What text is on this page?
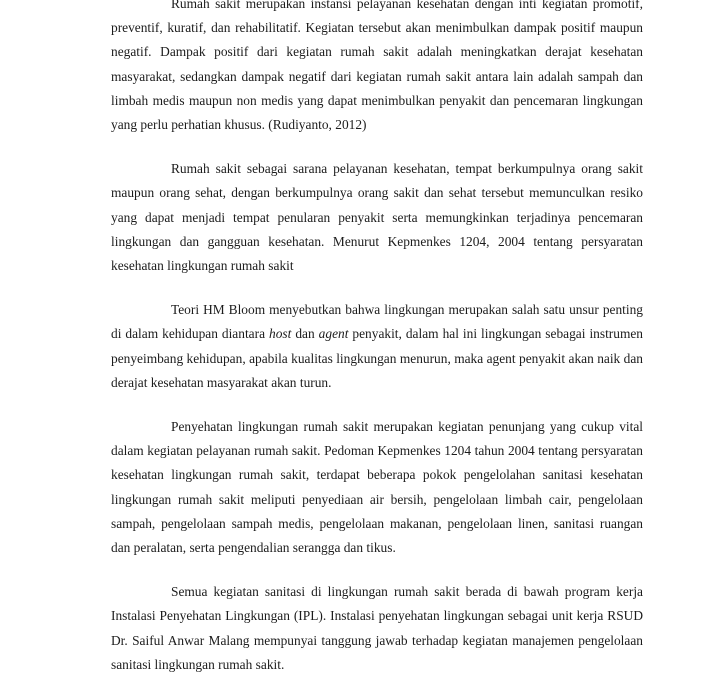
Rumah sakit merupakan instansi pelayanan kesehatan dengan inti kegiatan promotif, preventif, kuratif, dan rehabilitatif. Kegiatan tersebut akan menimbulkan dampak positif maupun negatif. Dampak positif dari kegiatan rumah sakit adalah meningkatkan derajat kesehatan masyarakat, sedangkan dampak negatif dari kegiatan rumah sakit antara lain adalah sampah dan limbah medis maupun non medis yang dapat menimbulkan penyakit dan pencemaran lingkungan yang perlu perhatian khusus. (Rudiyanto, 2012)

Rumah sakit sebagai sarana pelayanan kesehatan, tempat berkumpulnya orang sakit maupun orang sehat, dengan berkumpulnya orang sakit dan sehat tersebut memunculkan resiko yang dapat menjadi tempat penularan penyakit serta memungkinkan terjadinya pencemaran lingkungan dan gangguan kesehatan. Menurut Kepmenkes 1204, 2004 tentang persyaratan kesehatan lingkungan rumah sakit

Teori HM Bloom menyebutkan bahwa lingkungan merupakan salah satu unsur penting di dalam kehidupan diantara host dan agent penyakit, dalam hal ini lingkungan sebagai instrumen penyeimbang kehidupan, apabila kualitas lingkungan menurun, maka agent penyakit akan naik dan derajat kesehatan masyarakat akan turun.

Penyehatan lingkungan rumah sakit merupakan kegiatan penunjang yang cukup vital dalam kegiatan pelayanan rumah sakit. Pedoman Kepmenkes 1204 tahun 2004 tentang persyaratan kesehatan lingkungan rumah sakit, terdapat beberapa pokok pengelolahan sanitasi kesehatan lingkungan rumah sakit meliputi penyediaan air bersih, pengelolaan limbah cair, pengelolaan sampah, pengelolaan sampah medis, pengelolaan makanan, pengelolaan linen, sanitasi ruangan dan peralatan, serta pengendalian serangga dan tikus.

Semua kegiatan sanitasi di lingkungan rumah sakit berada di bawah program kerja Instalasi Penyehatan Lingkungan (IPL). Instalasi penyehatan lingkungan sebagai unit kerja RSUD Dr. Saiful Anwar Malang mempunyai tanggung jawab terhadap kegiatan manajemen pengelolaan sanitasi lingkungan rumah sakit.
